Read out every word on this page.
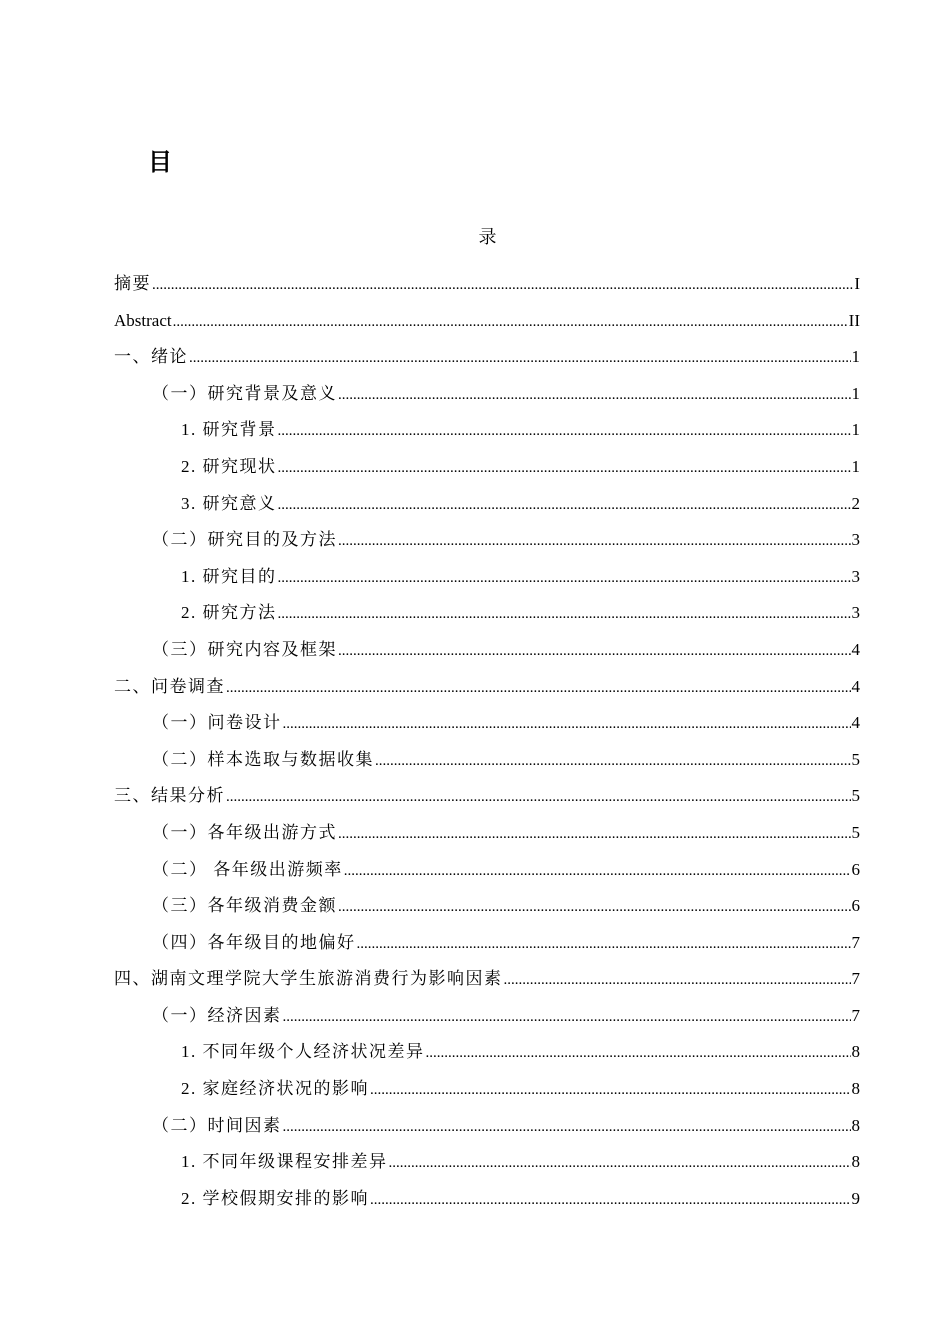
目
录
摘要 .....	I
Abstract .....	II
一、绪论 .....	1
（一）研究背景及意义 .....	1
1. 研究背景 .....	1
2. 研究现状 .....	1
3. 研究意义 .....	2
（二）研究目的及方法 .....	3
1. 研究目的 .....	3
2. 研究方法 .....	3
（三）研究内容及框架 .....	4
二、问卷调查 .....	4
（一）问卷设计 .....	4
（二）样本选取与数据收集 .....	5
三、结果分析 .....	5
（一）各年级出游方式 .....	5
（二） 各年级出游频率 .....	6
（三）各年级消费金额 .....	6
（四）各年级目的地偏好 .....	7
四、湖南文理学院大学生旅游消费行为影响因素 .....	7
（一）经济因素 .....	7
1. 不同年级个人经济状况差异 .....	8
2. 家庭经济状况的影响 .....	8
（二）时间因素 .....	8
1. 不同年级课程安排差异 .....	8
2. 学校假期安排的影响 .....	9
